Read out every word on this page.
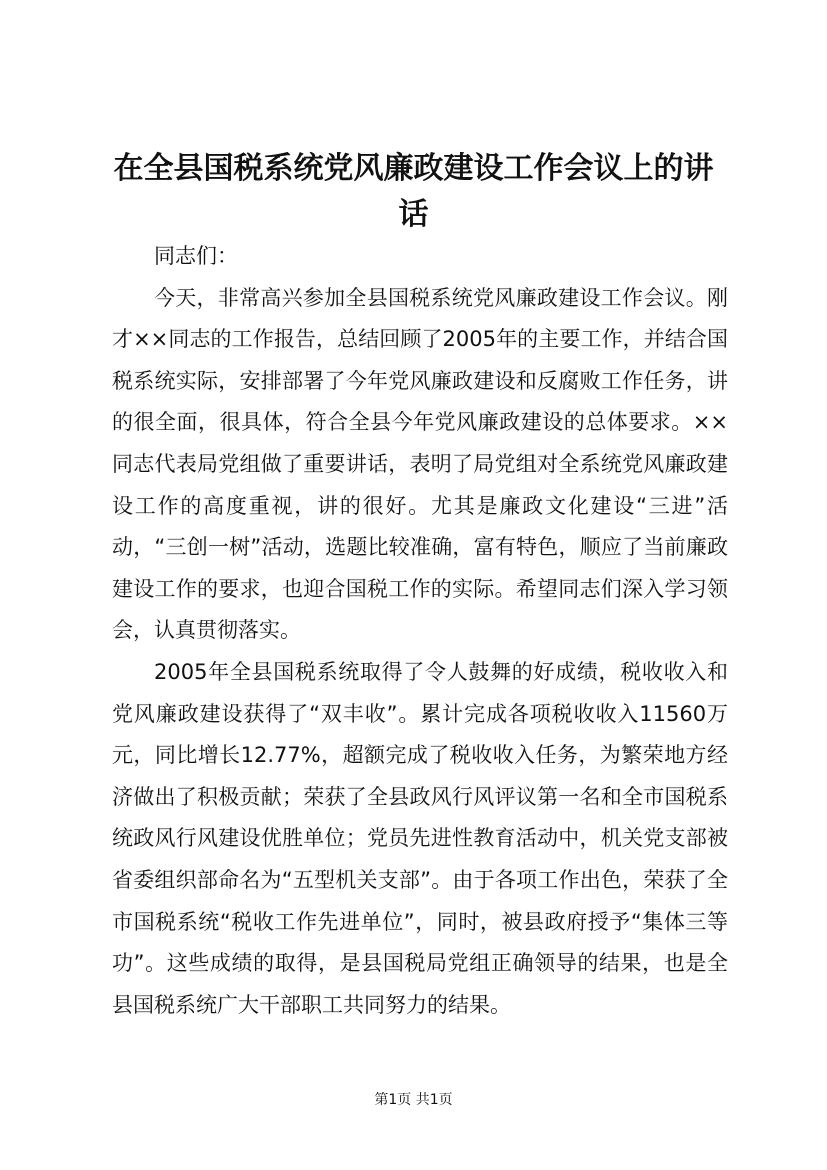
在全县国税系统党风廉政建设工作会议上的讲话

同志们：

今天，非常高兴参加全县国税系统党风廉政建设工作会议。刚才××同志的工作报告，总结回顾了2005年的主要工作，并结合国税系统实际，安排部署了今年党风廉政建设和反腐败工作任务，讲的很全面，很具体，符合全县今年党风廉政建设的总体要求。××同志代表局党组做了重要讲话，表明了局党组对全系统党风廉政建设工作的高度重视，讲的很好。尤其是廉政文化建设“三进”活动，“三创一树”活动，选题比较准确，富有特色，顺应了当前廉政建设工作的要求，也迎合国税工作的实际。希望同志们深入学习领会，认真贯彻落实。

2005年全县国税系统取得了令人鼓舞的好成绩，税收收入和党风廉政建设获得了“双丰收”。累计完成各项税收收入11560万元，同比增长12.77%，超额完成了税收收入任务，为繁荣地方经济做出了积极贡献；荣获了全县政风行风评议第一名和全市国税系统政风行风建设优胜单位；党员先进性教育活动中，机关党支部被省委组织部命名为“五型机关支部”。由于各项工作出色，荣获了全市国税系统“税收工作先进单位”，同时，被县政府授予“集体三等功”。这些成绩的取得，是县国税局党组正确领导的结果，也是全县国税系统广大干部职工共同努力的结果。

第1页 共1页
